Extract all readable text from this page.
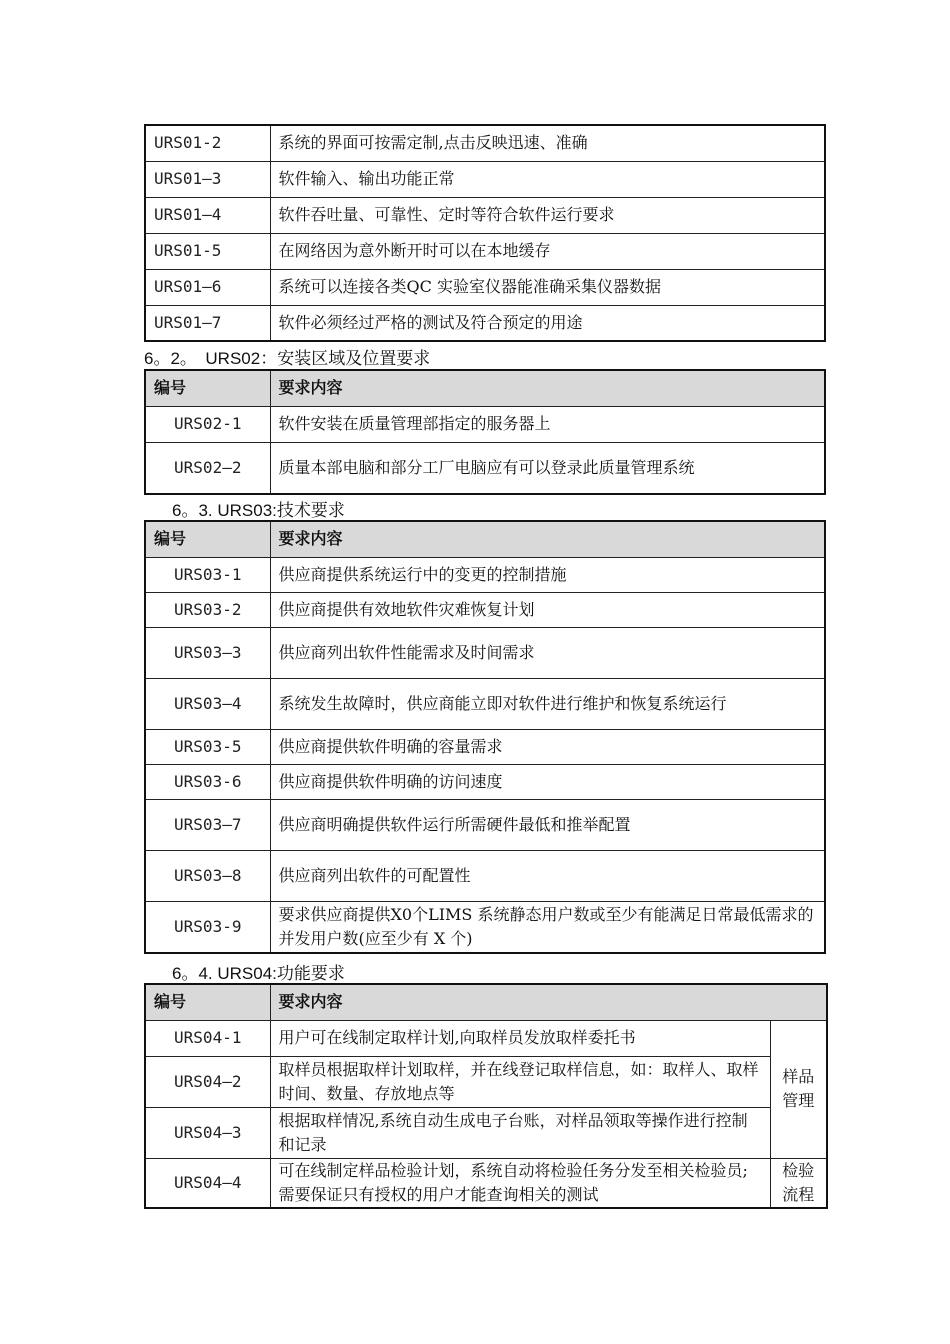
URS01-2	系统的界面可按需定制,点击反映迅速、准确
URS01—3	软件输入、输出功能正常
URS01—4	软件吞吐量、可靠性、定时等符合软件运行要求
URS01-5	在网络因为意外断开时可以在本地缓存
URS01—6	系统可以连接各类QC 实验室仪器能准确采集仪器数据
URS01—7	软件必须经过严格的测试及符合预定的用途
6。2。　URS02：安装区域及位置要求
编号	要求内容
URS02-1	软件安装在质量管理部指定的服务器上
URS02—2	质量本部电脑和部分工厂电脑应有可以登录此质量管理系统
6。3. URS03:技术要求
编号	要求内容
URS03-1	供应商提供系统运行中的变更的控制措施
URS03-2	供应商提供有效地软件灾难恢复计划
URS03—3	供应商列出软件性能需求及时间需求
URS03—4	系统发生故障时，供应商能立即对软件进行维护和恢复系统运行
URS03-5	供应商提供软件明确的容量需求
URS03-6	供应商提供软件明确的访问速度
URS03—7	供应商明确提供软件运行所需硬件最低和推举配置
URS03—8	供应商列出软件的可配置性
URS03-9	要求供应商提供X0个LIMS 系统静态用户数或至少有能满足日常最低需求的并发用户数(应至少有 X 个)
6。4. URS04:功能要求
编号	要求内容	
URS04-1	用户可在线制定取样计划,向取样员发放取样委托书	样品管理
URS04—2	取样员根据取样计划取样，并在线登记取样信息，如：取样人、取样时间、数量、存放地点等	
URS04—3	根据取样情况,系统自动生成电子台账，对样品领取等操作进行控制和记录	
URS04—4	可在线制定样品检验计划，系统自动将检验任务分发至相关检验员;需要保证只有授权的用户才能查询相关的测试	检验流程
